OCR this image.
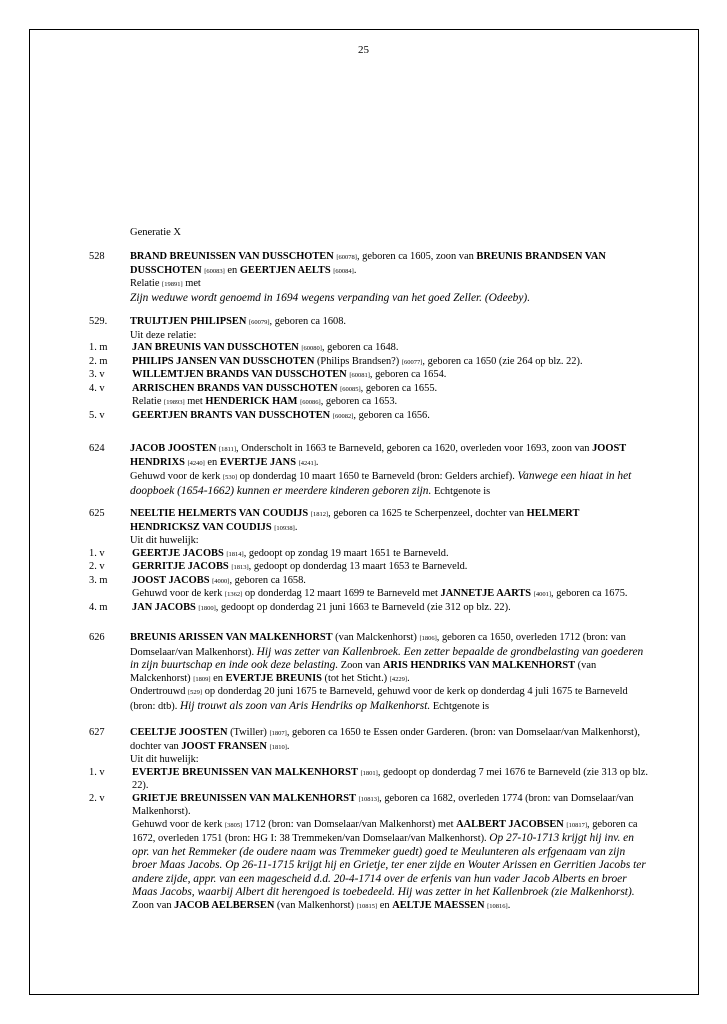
25
Generatie X
528	BRAND BREUNISSEN VAN DUSSCHOTEN [60078], geboren ca 1605, zoon van BREUNIS BRANDSEN VAN DUSSCHOTEN [60083] en GEERTJEN AELTS [60084].
Relatie [19891] met
Zijn weduwe wordt genoemd in 1694 wegens verpanding van het goed Zeller. (Odeeby).
529.	TRUIJTJEN PHILIPSEN [60079], geboren ca 1608.
Uit deze relatie:
1. m	JAN BREUNIS VAN DUSSCHOTEN [60080], geboren ca 1648.
2. m	PHILIPS JANSEN VAN DUSSCHOTEN (Philips Brandsen?) [60077], geboren ca 1650 (zie 264 op blz. 22).
3. v	WILLEMTJEN BRANDS VAN DUSSCHOTEN [60081], geboren ca 1654.
4. v	ARRISCHEN BRANDS VAN DUSSCHOTEN [60085], geboren ca 1655.
Relatie [19893] met HENDERICK HAM [60086], geboren ca 1653.
5. v	GEERTJEN BRANTS VAN DUSSCHOTEN [60082], geboren ca 1656.
624	JACOB JOOSTEN [1811], Onderscholt in 1663 te Barneveld, geboren ca 1620, overleden voor 1693, zoon van JOOST HENDRIXS [4240] en EVERTJE JANS [4241].
Gehuwd voor de kerk [530] op donderdag 10 maart 1650 te Barneveld (bron: Gelders archief). Vanwege een hiaat in het doopboek (1654-1662) kunnen er meerdere kinderen geboren zijn. Echtgenote is
625	NEELTIE HELMERTS VAN COUDIJS [1812], geboren ca 1625 te Scherpenzeel, dochter van HELMERT HENDRICKSZ VAN COUDIJS [10938].
Uit dit huwelijk:
1. v	GEERTJE JACOBS [1814], gedoopt op zondag 19 maart 1651 te Barneveld.
2. v	GERRITJE JACOBS [1813], gedoopt op donderdag 13 maart 1653 te Barneveld.
3. m	JOOST JACOBS [4000], geboren ca 1658.
Gehuwd voor de kerk [1362] op donderdag 12 maart 1699 te Barneveld met JANNETJE AARTS [4001], geboren ca 1675.
4. m	JAN JACOBS [1800], gedoopt op donderdag 21 juni 1663 te Barneveld (zie 312 op blz. 22).
626	BREUNIS ARISSEN VAN MALKENHORST (van Malckenhorst) [1806], geboren ca 1650, overleden 1712 (bron: van Domselaar/van Malkenhorst). Hij was zetter van Kallenbroek. Een zetter bepaalde de grondbelasting van goederen in zijn buurtschap en inde ook deze belasting. Zoon van ARIS HENDRIKS VAN MALKENHORST (van Malckenhorst) [1809] en EVERTJE BREUNIS (tot het Sticht.) [4229].
Ondertrouwd [529] op donderdag 20 juni 1675 te Barneveld, gehuwd voor de kerk op donderdag 4 juli 1675 te Barneveld (bron: dtb). Hij trouwt als zoon van Aris Hendriks op Malkenhorst. Echtgenote is
627	CEELTJE JOOSTEN (Twiller) [1807], geboren ca 1650 te Essen onder Garderen. (bron: van Domselaar/van Malkenhorst), dochter van JOOST FRANSEN [1810].
Uit dit huwelijk:
1. v	EVERTJE BREUNISSEN VAN MALKENHORST [1801], gedoopt op donderdag 7 mei 1676 te Barneveld (zie 313 op blz. 22).
2. v	GRIETJE BREUNISSEN VAN MALKENHORST [10813], geboren ca 1682, overleden 1774 (bron: van Domselaar/van Malkenhorst).
Gehuwd voor de kerk [3805] 1712 (bron: van Domselaar/van Malkenhorst) met AALBERT JACOBSEN [10817], geboren ca 1672, overleden 1751 (bron: HG I: 38 Tremmeken/van Domselaar/van Malkenhorst). Op 27-10-1713 krijgt hij inv. en opr. van het Remmeker (de oudere naam was Tremmeker guedt) goed te Meulunteren als erfgenaam van zijn broer Maas Jacobs. Op 26-11-1715 krijgt hij en Grietje, ter ener zijde en Wouter Arissen en Gerritien Jacobs ter andere zijde, appr. van een magescheid d.d. 20-4-1714 over de erfenis van hun vader Jacob Alberts en broer Maas Jacobs, waarbij Albert dit herengoed is toebedeeld. Hij was zetter in het Kallenbroek (zie Malkenhorst). Zoon van JACOB AELBERSEN (van Malkenhorst) [10815] en AELTJE MAESSEN [10816].
